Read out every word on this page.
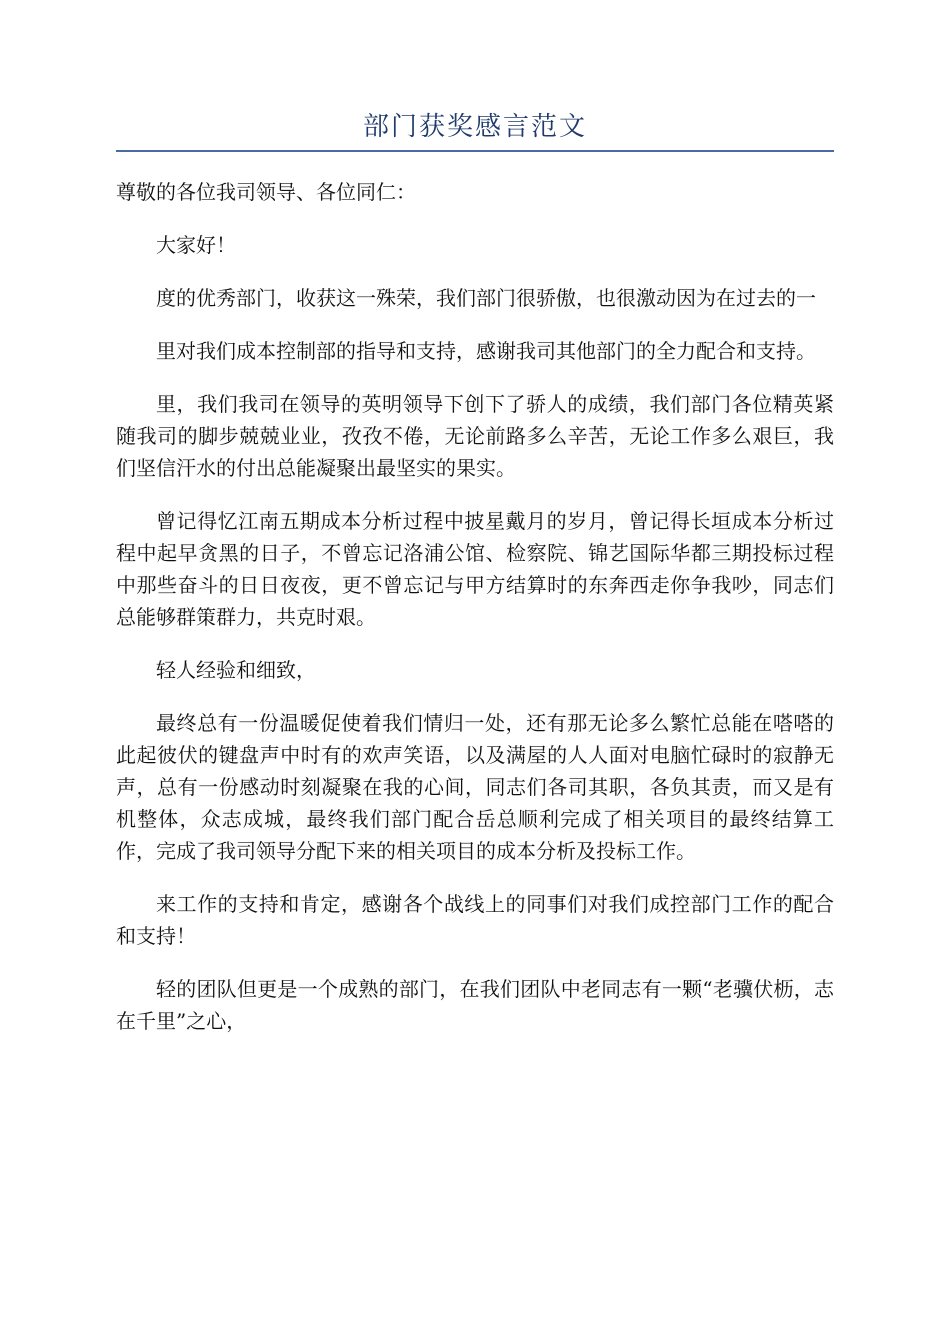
部门获奖感言范文

尊敬的各位我司领导、各位同仁：

大家好！

度的优秀部门，收获这一殊荣，我们部门很骄傲，也很激动因为在过去的一

里对我们成本控制部的指导和支持，感谢我司其他部门的全力配合和支持。

里，我们我司在领导的英明领导下创下了骄人的成绩，我们部门各位精英紧随我司的脚步兢兢业业，孜孜不倦，无论前路多么辛苦，无论工作多么艰巨，我们坚信汗水的付出总能凝聚出最坚实的果实。

曾记得忆江南五期成本分析过程中披星戴月的岁月，曾记得长垣成本分析过程中起早贪黑的日子，不曾忘记洛浦公馆、检察院、锦艺国际华都三期投标过程中那些奋斗的日日夜夜，更不曾忘记与甲方结算时的东奔西走你争我吵，同志们总能够群策群力，共克时艰。

轻人经验和细致，

最终总有一份温暖促使着我们情归一处，还有那无论多么繁忙总能在嗒嗒的此起彼伏的键盘声中时有的欢声笑语，以及满屋的人人面对电脑忙碌时的寂静无声，总有一份感动时刻凝聚在我的心间，同志们各司其职，各负其责，而又是有机整体，众志成城，最终我们部门配合岳总顺利完成了相关项目的最终结算工作，完成了我司领导分配下来的相关项目的成本分析及投标工作。

来工作的支持和肯定，感谢各个战线上的同事们对我们成控部门工作的配合和支持！

轻的团队但更是一个成熟的部门，在我们团队中老同志有一颗“老骥伏枥，志在千里”之心，
